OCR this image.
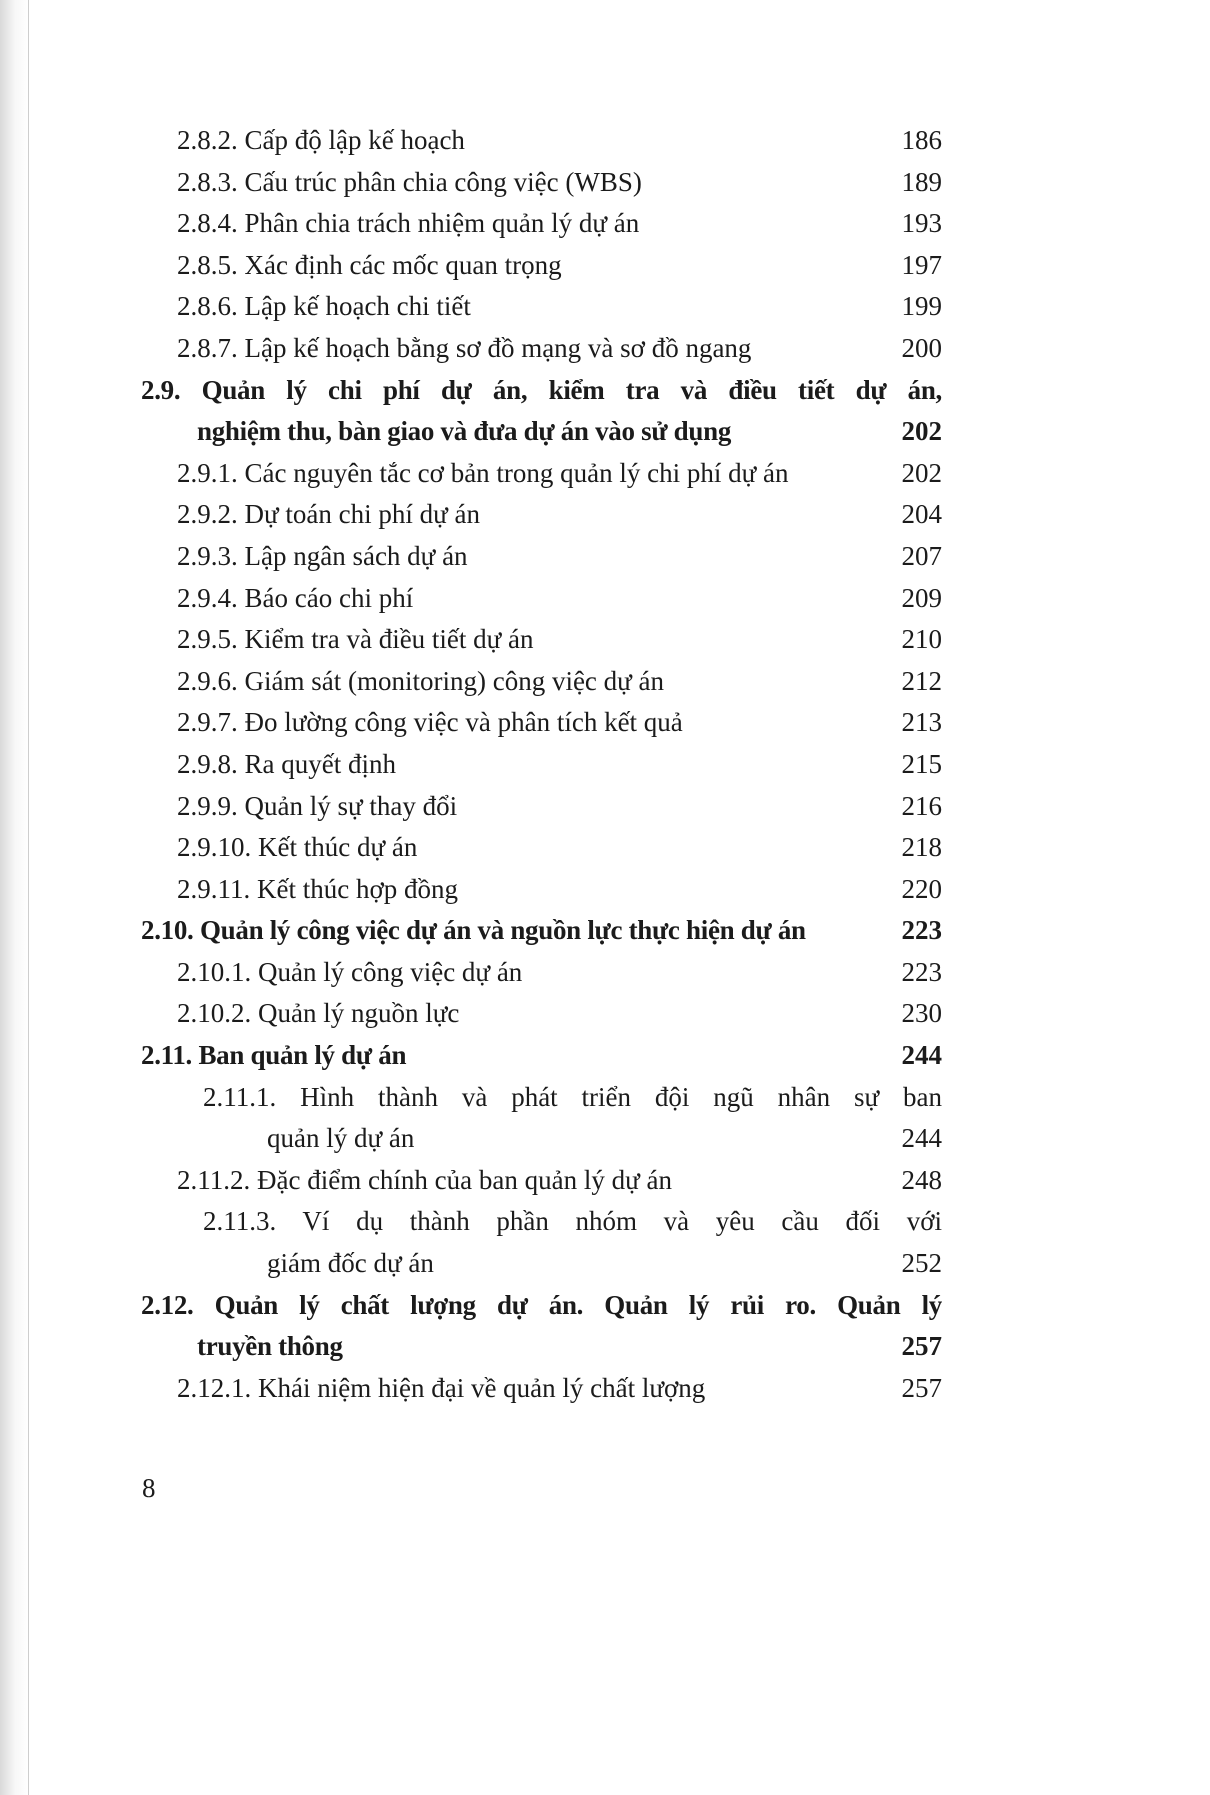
2.8.2. Cấp độ lập kế hoạch	186
2.8.3. Cấu trúc phân chia công việc (WBS)	189
2.8.4. Phân chia trách nhiệm quản lý dự án	193
2.8.5. Xác định các mốc quan trọng	197
2.8.6. Lập kế hoạch chi tiết	199
2.8.7. Lập kế hoạch bằng sơ đồ mạng và sơ đồ ngang	200
2.9. Quản lý chi phí dự án, kiểm tra và điều tiết dự án,
nghiệm thu, bàn giao và đưa dự án vào sử dụng	202
2.9.1. Các nguyên tắc cơ bản trong quản lý chi phí dự án	202
2.9.2. Dự toán chi phí dự án	204
2.9.3. Lập ngân sách dự án	207
2.9.4. Báo cáo chi phí	209
2.9.5. Kiểm tra và điều tiết dự án	210
2.9.6. Giám sát (monitoring) công việc dự án	212
2.9.7. Đo lường công việc và phân tích kết quả	213
2.9.8. Ra quyết định	215
2.9.9. Quản lý sự thay đổi	216
2.9.10. Kết thúc dự án	218
2.9.11. Kết thúc hợp đồng	220
2.10. Quản lý công việc dự án và nguồn lực thực hiện dự án	223
2.10.1. Quản lý công việc dự án	223
2.10.2. Quản lý nguồn lực	230
2.11. Ban quản lý dự án	244
2.11.1. Hình thành và phát triển đội ngũ nhân sự ban
quản lý dự án	244
2.11.2. Đặc điểm chính của ban quản lý dự án	248
2.11.3. Ví dụ thành phần nhóm và yêu cầu đối với
giám đốc dự án	252
2.12. Quản lý chất lượng dự án. Quản lý rủi ro. Quản lý
truyền thông	257
2.12.1. Khái niệm hiện đại về quản lý chất lượng	257
8
